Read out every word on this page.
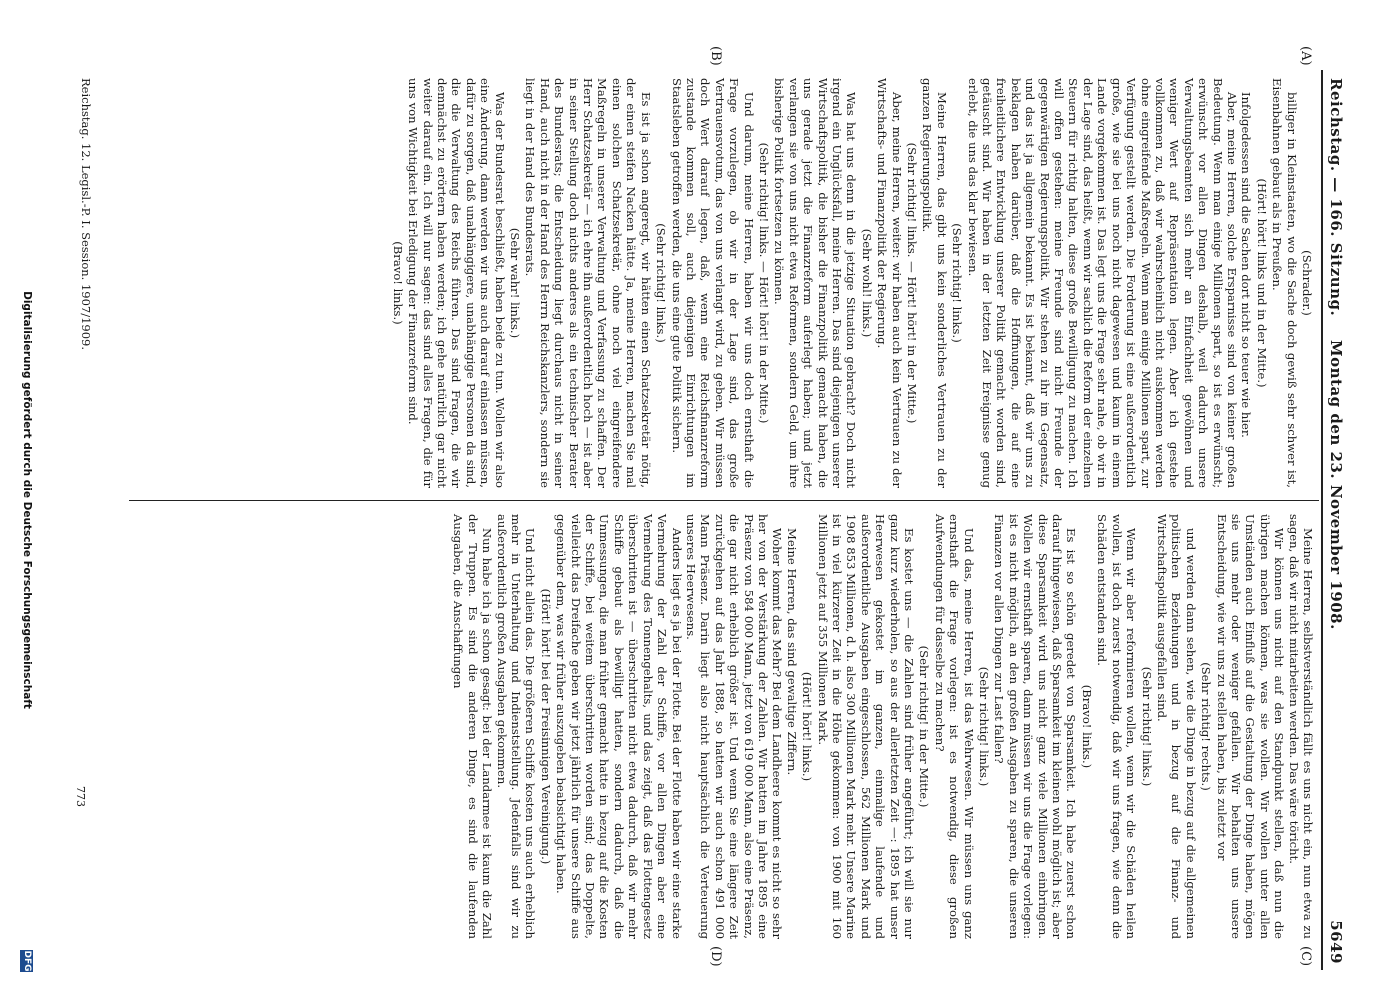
Reichstag. — 166. Sitzung.
Montag den 23. November 1908.
5649
(A)
(B)
(C)
(D)

(Schrader.)

billiger in Kleinstaaten, wo die Sache doch gewiß sehr schwer ist, Eisenbahnen gebaut als in Preußen.

(Hört! hört! links und in der Mitte.)

Infolgedessen sind die Sachen dort nicht so teuer wie hier.

Aber, meine Herren, solche Ersparnisse sind von keiner großen Bedeutung. Wenn man einige Millionen spart, so ist es erwünscht; erwünscht vor allen Dingen deshalb, weil dadurch unsere Verwaltungsbeamten sich mehr an Einfachheit gewöhnen und weniger Wert auf Repräsentation legen. Aber ich gestehe vollkommen zu, daß wir wahrscheinlich nicht auskommen werden ohne eingreifende Maßregeln. Wenn man einige Millionen spart, zur Verfügung gestellt werden. Die Forderung ist eine außerordentlich große, wie sie bei uns noch nicht dagewesen und kaum in einem Lande vorgekommen ist. Das legt uns die Frage sehr nahe, ob wir in der Lage sind, das heißt, wenn wir sachlich die Reform der einzelnen Steuern für richtig halten, diese große Bewilligung zu machen. Ich will offen gestehen: meine Freunde sind nicht Freunde der gegenwärtigen Regierungspolitik. Wir stehen zu ihr im Gegensatz, und das ist ja allgemein bekannt. Es ist bekannt, daß wir uns zu beklagen haben darüber, daß die Hoffnungen, die auf eine freiheitlichere Entwicklung unserer Politik gemacht worden sind, getäuscht sind. Wir haben in der letzten Zeit Ereignisse genug erlebt, die uns das klar bewiesen.

(Sehr richtig! links.)

Meine Herren, das gibt uns kein sonderliches Vertrauen zu der ganzen Regierungspolitik.

(Sehr richtig! links. — Hört! hört! in der Mitte.)

Aber, meine Herren, weiter: wir haben auch kein Vertrauen zu der Wirtschafts- und Finanzpolitik der Regierung.

(Sehr wohl! links.)

Was hat uns denn in die jetzige Situation gebracht? Doch nicht irgend ein Unglücksfall, meine Herren. Das sind diejenigen unserer Wirtschaftspolitik, die bisher die Finanzpolitik gemacht haben, die uns gerade jetzt die Finanzreform auferlegt haben; und jetzt verlangen sie von uns nicht etwa Reformen, sondern Geld, um ihre bisherige Politik fortsetzen zu können.

(Sehr richtig! links. — Hört! hört! in der Mitte.)

Und darum, meine Herren, haben wir uns doch ernsthaft die Frage vorzulegen, ob wir in der Lage sind, das große Vertrauensvotum, das von uns verlangt wird, zu geben. Wir müssen doch Wert darauf legen, daß, wenn eine Reichsfinanzreform zustande kommen soll, auch diejenigen Einrichtungen im Staatsleben getroffen werden, die uns eine gute Politik sichern.

(Sehr richtig! links.)

Es ist ja schon angeregt, wir hätten einen Schatzsekretär nötig, der einen steifen Nacken hätte. Ja, meine Herren, machen Sie mal einen solchen Schatzsekretär, ohne noch viel eingreifendere Maßregeln in unserer Verwaltung und Verfassung zu schaffen. Der Herr Schatzsekretär — ich ehre ihn außerordentlich hoch — ist aber in seiner Stellung doch nichts anderes als ein technischer Berater des Bundesrats; die Entscheidung liegt durchaus nicht in seiner Hand, auch nicht in der Hand des Herrn Reichskanzlers, sondern sie liegt in der Hand des Bundesrats.

(Sehr wahr! links.)

Was der Bundesrat beschließt, haben beide zu tun. Wollen wir also eine Änderung, dann werden wir uns auch darauf einlassen müssen, dafür zu sorgen, daß unabhängigere, unabhängige Personen da sind, die die Verwaltung des Reichs führen. Das sind Fragen, die wir demnächst zu erörtern haben werden; ich gehe natürlich gar nicht weiter darauf ein. Ich will nur sagen: das sind alles Fragen, die für uns von Wichtigkeit bei Erledigung der Finanzreform sind.

(Bravo! links.)

Meine Herren, selbstverständlich fällt es uns nicht ein, nun etwa zu sagen, daß wir nicht mitarbeiten werden. Das wäre töricht.

Wir können uns nicht auf den Standpunkt stellen, daß nun die übrigen machen können, was sie wollen. Wir wollen unter allen Umständen auch Einfluß auf die Gestaltung der Dinge haben, mögen sie uns mehr oder weniger gefallen. Wir behalten uns unsere Entscheidung, wie wir uns zu stellen haben, bis zuletzt vor

(Sehr richtig! rechts.)

und werden dann sehen, wie die Dinge in bezug auf die allgemeinen politischen Beziehungen und in bezug auf die Finanz- und Wirtschaftspolitik ausgefallen sind.

(Sehr richtig! links.)

Wenn wir aber reformieren wollen, wenn wir die Schäden heilen wollen, ist doch zuerst notwendig, daß wir uns fragen, wie denn die Schäden entstanden sind.

(Bravo! links.)

Es ist so schön geredet von Sparsamkeit. Ich habe zuerst schon darauf hingewiesen, daß Sparsamkeit im kleinen wohl möglich ist; aber diese Sparsamkeit wird uns nicht ganz viele Millionen einbringen. Wollen wir ernsthaft sparen, dann müssen wir uns die Frage vorlegen: ist es nicht möglich, an den großen Ausgaben zu sparen, die unseren Finanzen vor allen Dingen zur Last fallen?

(Sehr richtig! links.)

Und das, meine Herren, ist das Wehrwesen. Wir müssen uns ganz ernsthaft die Frage vorlegen: ist es notwendig, diese großen Aufwendungen für dasselbe zu machen?

(Sehr richtig! in der Mitte.)

Es kostet uns — die Zahlen sind früher angeführt; ich will sie nur ganz kurz wiederholen, so aus der allerletzten Zeit —: 1895 hat unser Heerwesen gekostet im ganzen, einmalige laufende und außerordentliche Ausgaben eingeschlossen, 562 Millionen Mark und 1908 853 Millionen, d. h. also 300 Millionen Mark mehr. Unsere Marine ist in viel kürzerer Zeit in die Höhe gekommen: von 1900 mit 160 Millionen jetzt auf 355 Millionen Mark.

(Hört! hört! links.)

Meine Herren, das sind gewaltige Ziffern.

Woher kommt das Mehr? Bei dem Landheere kommt es nicht so sehr her von der Verstärkung der Zahlen. Wir hatten im Jahre 1895 eine Präsenz von 584 000 Mann, jetzt von 619 000 Mann, also eine Präsenz, die gar nicht erheblich größer ist. Und wenn Sie eine längere Zeit zurückgehen auf das Jahr 1888, so hatten wir auch schon 491 000 Mann Präsenz. Darin liegt also nicht hauptsächlich die Verteuerung unseres Heerwesens.

Anders liegt es ja bei der Flotte. Bei der Flotte haben wir eine starke Vermehrung der Zahl der Schiffe, vor allen Dingen aber eine Vermehrung des Tonnengehalts, und das zeigt, daß das Flottengesetz überschritten ist — überschritten nicht etwa dadurch, daß wir mehr Schiffe gebaut als bewilligt hatten, sondern dadurch, daß die Unmessungen, die man früher gemacht hatte in bezug auf die Kosten der Schiffe, bei weitem überschritten worden sind; das Doppelte, vielleicht das Dreifache geben wir jetzt jährlich für unsere Schiffe aus gegenüber dem, was wir früher auszugeben beabsichtigt haben.

(Hört! hört! bei der Freisinnigen Vereinigung.)

Und nicht allein das. Die größeren Schiffe kosten uns auch erheblich mehr in Unterhaltung und Indienststellung. Jedenfalls sind wir zu außerordentlich großen Ausgaben gekommen.

Nun habe ich ja schon gesagt: bei der Landarmee ist kaum die Zahl der Truppen. Es sind die anderen Dinge, es sind die laufenden Ausgaben, die Anschaffungen

Reichstag. 12. Legisl.-P. I. Session. 1907/1909.
773
Digitalisierung gefördert durch die Deutsche Forschungsgemeinschaft
DFG
